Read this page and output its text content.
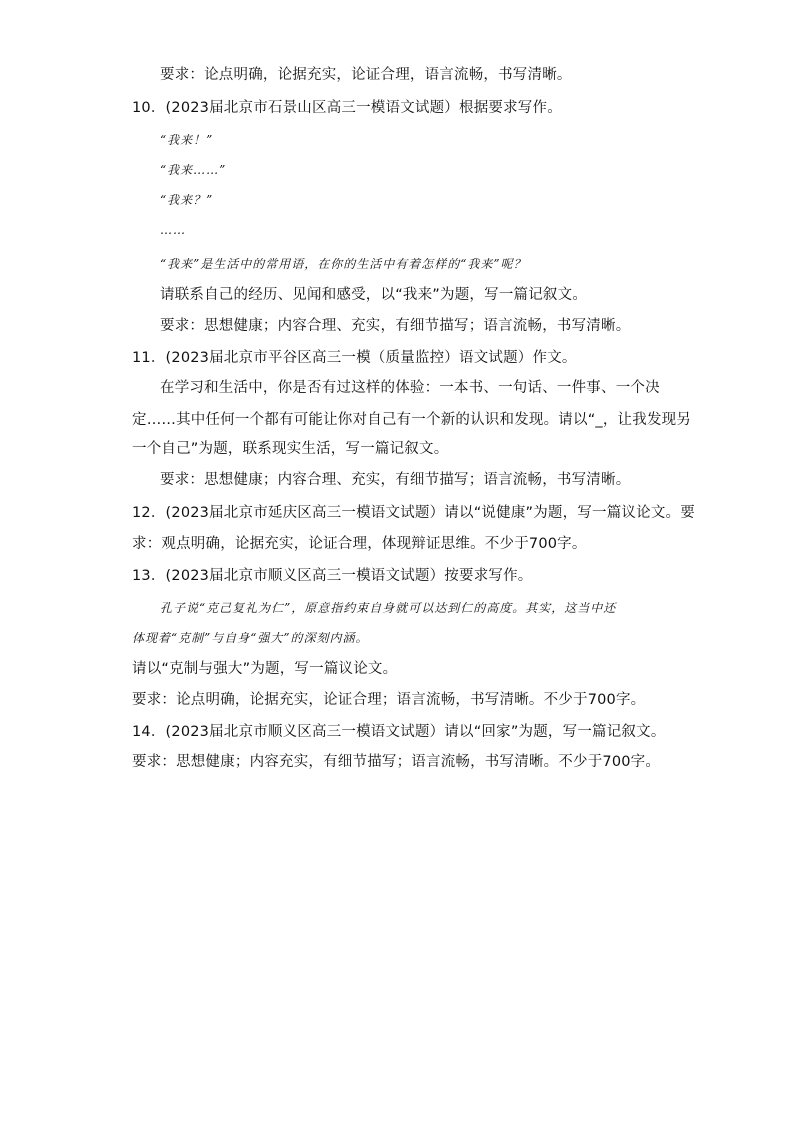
要求：论点明确，论据充实，论证合理，语言流畅，书写清晰。
10．(2023届北京市石景山区高三一模语文试题）根据要求写作。
“我来！”
“我来……”
“我来？”
……
“我来”是生活中的常用语，在你的生活中有着怎样的“我来”呢？
请联系自己的经历、见闻和感受，以“我来”为题，写一篇记叙文。
要求：思想健康；内容合理、充实，有细节描写；语言流畅，书写清晰。
11．(2023届北京市平谷区高三一模（质量监控）语文试题）作文。
在学习和生活中，你是否有过这样的体验：一本书、一句话、一件事、一个决
定……其中任何一个都有可能让你对自己有一个新的认识和发现。请以“_，让我发现另
一个自己”为题，联系现实生活，写一篇记叙文。
要求：思想健康；内容合理、充实，有细节描写；语言流畅，书写清晰。
12．(2023届北京市延庆区高三一模语文试题）请以“说健康”为题，写一篇议论文。要
求：观点明确，论据充实，论证合理，体现辩证思维。不少于700字。
13．(2023届北京市顺义区高三一模语文试题）按要求写作。
孔子说“克己复礼为仁”，原意指约束自身就可以达到仁的高度。其实，这当中还
体现着“克制”与自身“强大”的深刻内涵。
请以“克制与强大”为题，写一篇议论文。
要求：论点明确，论据充实，论证合理；语言流畅，书写清晰。不少于700字。
14．(2023届北京市顺义区高三一模语文试题）请以“回家”为题，写一篇记叙文。
要求：思想健康；内容充实，有细节描写；语言流畅，书写清晰。不少于700字。
